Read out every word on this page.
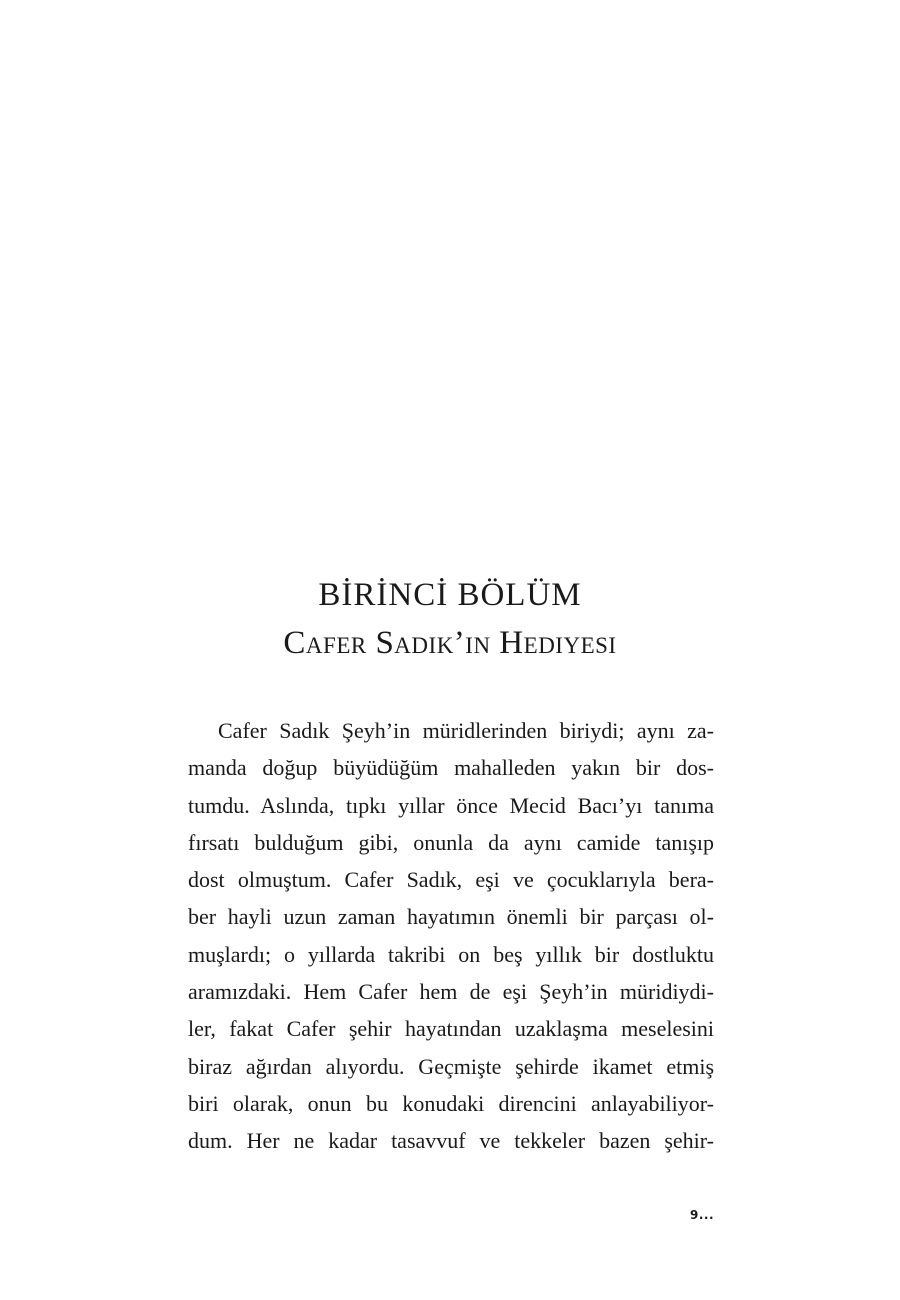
BİRİNCİ BÖLÜM
Cafer Sadık’ın Hediyesi
Cafer Sadık Şeyh’in müridlerinden biriydi; aynı za-
manda doğup büyüdüğüm mahalleden yakın bir dos-
tumdu. Aslında, tıpkı yıllar önce Mecid Bacı’yı tanıma
fırsatı bulduğum gibi, onunla da aynı camide tanışıp
dost olmuştum. Cafer Sadık, eşi ve çocuklarıyla bera-
ber hayli uzun zaman hayatımın önemli bir parçası ol-
muşlardı; o yıllarda takribi on beş yıllık bir dostluktu
aramızdaki. Hem Cafer hem de eşi Şeyh’in müridiydi-
ler, fakat Cafer şehir hayatından uzaklaşma meselesini
biraz ağırdan alıyordu. Geçmişte şehirde ikamet etmiş
biri olarak, onun bu konudaki direncini anlayabiliyor-
dum. Her ne kadar tasavvuf ve tekkeler bazen şehir-
9...
